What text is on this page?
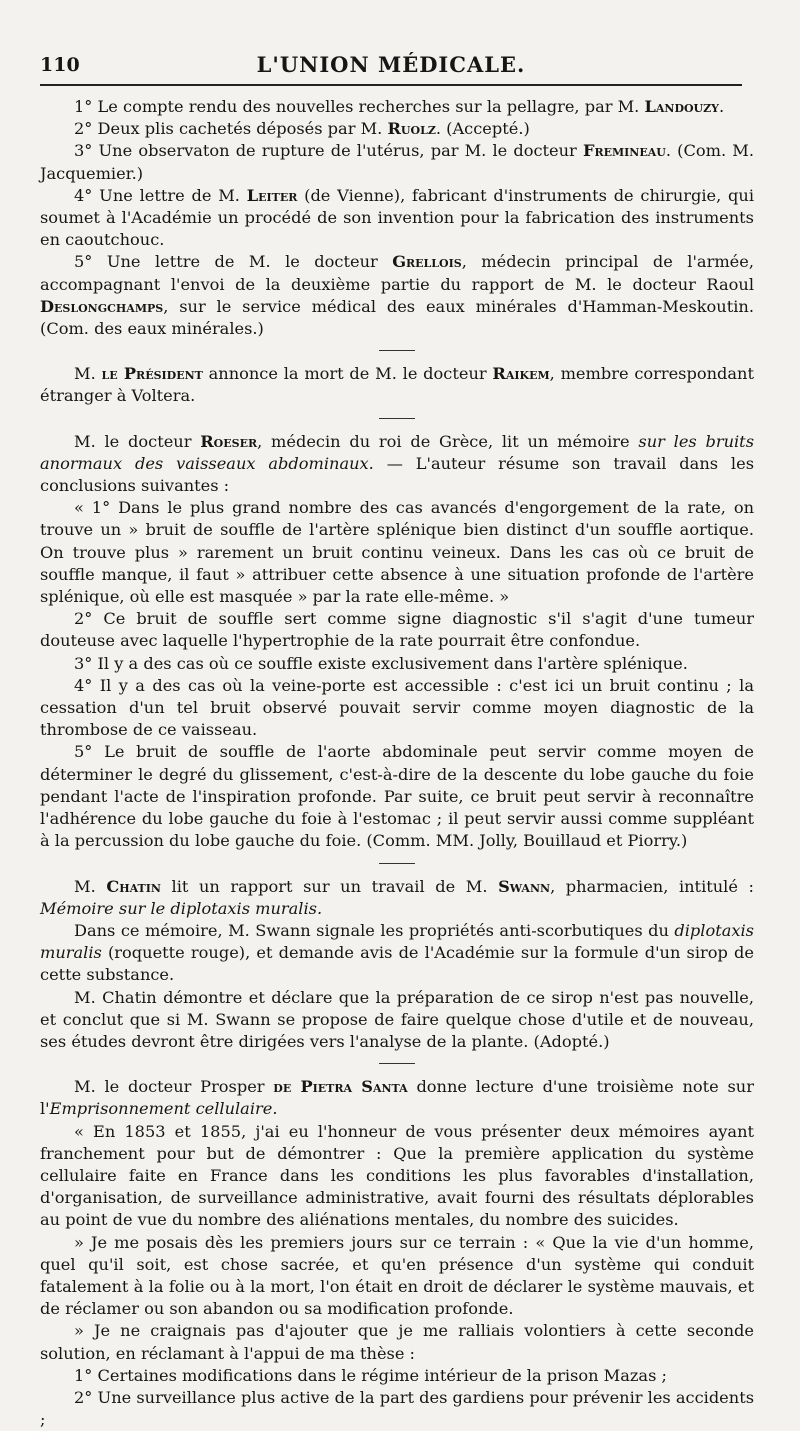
110	L'UNION MÉDICALE.

1° Le compte rendu des nouvelles recherches sur la pellagre, par M. Landouzy.

2° Deux plis cachetés déposés par M. Ruolz. (Accepté.)

3° Une observaton de rupture de l'utérus, par M. le docteur Fremineau. (Com. M. Jacquemier.)

4° Une lettre de M. Leiter (de Vienne), fabricant d'instruments de chirurgie, qui soumet à l'Académie un procédé de son invention pour la fabrication des instruments en caoutchouc.

5° Une lettre de M. le docteur Grellois, médecin principal de l'armée, accompagnant l'envoi de la deuxième partie du rapport de M. le docteur Raoul Deslongchamps, sur le service médical des eaux minérales d'Hamman-Meskoutin. (Com. des eaux minérales.)

M. le Président annonce la mort de M. le docteur Raikem, membre correspondant étranger à Voltera.

M. le docteur Roeser, médecin du roi de Grèce, lit un mémoire sur les bruits anormaux des vaisseaux abdominaux. — L'auteur résume son travail dans les conclusions suivantes :

« 1° Dans le plus grand nombre des cas avancés d'engorgement de la rate, on trouve un » bruit de souffle de l'artère splénique bien distinct d'un souffle aortique. On trouve plus » rarement un bruit continu veineux. Dans les cas où ce bruit de souffle manque, il faut » attribuer cette absence à une situation profonde de l'artère splénique, où elle est masquée » par la rate elle-même. »

2° Ce bruit de souffle sert comme signe diagnostic s'il s'agit d'une tumeur douteuse avec laquelle l'hypertrophie de la rate pourrait être confondue.

3° Il y a des cas où ce souffle existe exclusivement dans l'artère splénique.

4° Il y a des cas où la veine-porte est accessible : c'est ici un bruit continu ; la cessation d'un tel bruit observé pouvait servir comme moyen diagnostic de la thrombose de ce vaisseau.

5° Le bruit de souffle de l'aorte abdominale peut servir comme moyen de déterminer le degré du glissement, c'est-à-dire de la descente du lobe gauche du foie pendant l'acte de l'inspiration profonde. Par suite, ce bruit peut servir à reconnaître l'adhérence du lobe gauche du foie à l'estomac ; il peut servir aussi comme suppléant à la percussion du lobe gauche du foie. (Comm. MM. Jolly, Bouillaud et Piorry.)

M. Chatin lit un rapport sur un travail de M. Swann, pharmacien, intitulé : Mémoire sur le diplotaxis muralis.

Dans ce mémoire, M. Swann signale les propriétés anti-scorbutiques du diplotaxis muralis (roquette rouge), et demande avis de l'Académie sur la formule d'un sirop de cette substance.

M. Chatin démontre et déclare que la préparation de ce sirop n'est pas nouvelle, et conclut que si M. Swann se propose de faire quelque chose d'utile et de nouveau, ses études devront être dirigées vers l'analyse de la plante. (Adopté.)

M. le docteur Prosper de Pietra Santa donne lecture d'une troisième note sur l'Emprisonnement cellulaire.

« En 1853 et 1855, j'ai eu l'honneur de vous présenter deux mémoires ayant franchement pour but de démontrer : Que la première application du système cellulaire faite en France dans les conditions les plus favorables d'installation, d'organisation, de surveillance administrative, avait fourni des résultats déplorables au point de vue du nombre des aliénations mentales, du nombre des suicides.

» Je me posais dès les premiers jours sur ce terrain : « Que la vie d'un homme, quel qu'il soit, est chose sacrée, et qu'en présence d'un système qui conduit fatalement à la folie ou à la mort, l'on était en droit de déclarer le système mauvais, et de réclamer ou son abandon ou sa modification profonde.

» Je ne craignais pas d'ajouter que je me ralliais volontiers à cette seconde solution, en réclamant à l'appui de ma thèse :

1° Certaines modifications dans le régime intérieur de la prison Mazas ;

2° Une surveillance plus active de la part des gardiens pour prévenir les accidents ;
